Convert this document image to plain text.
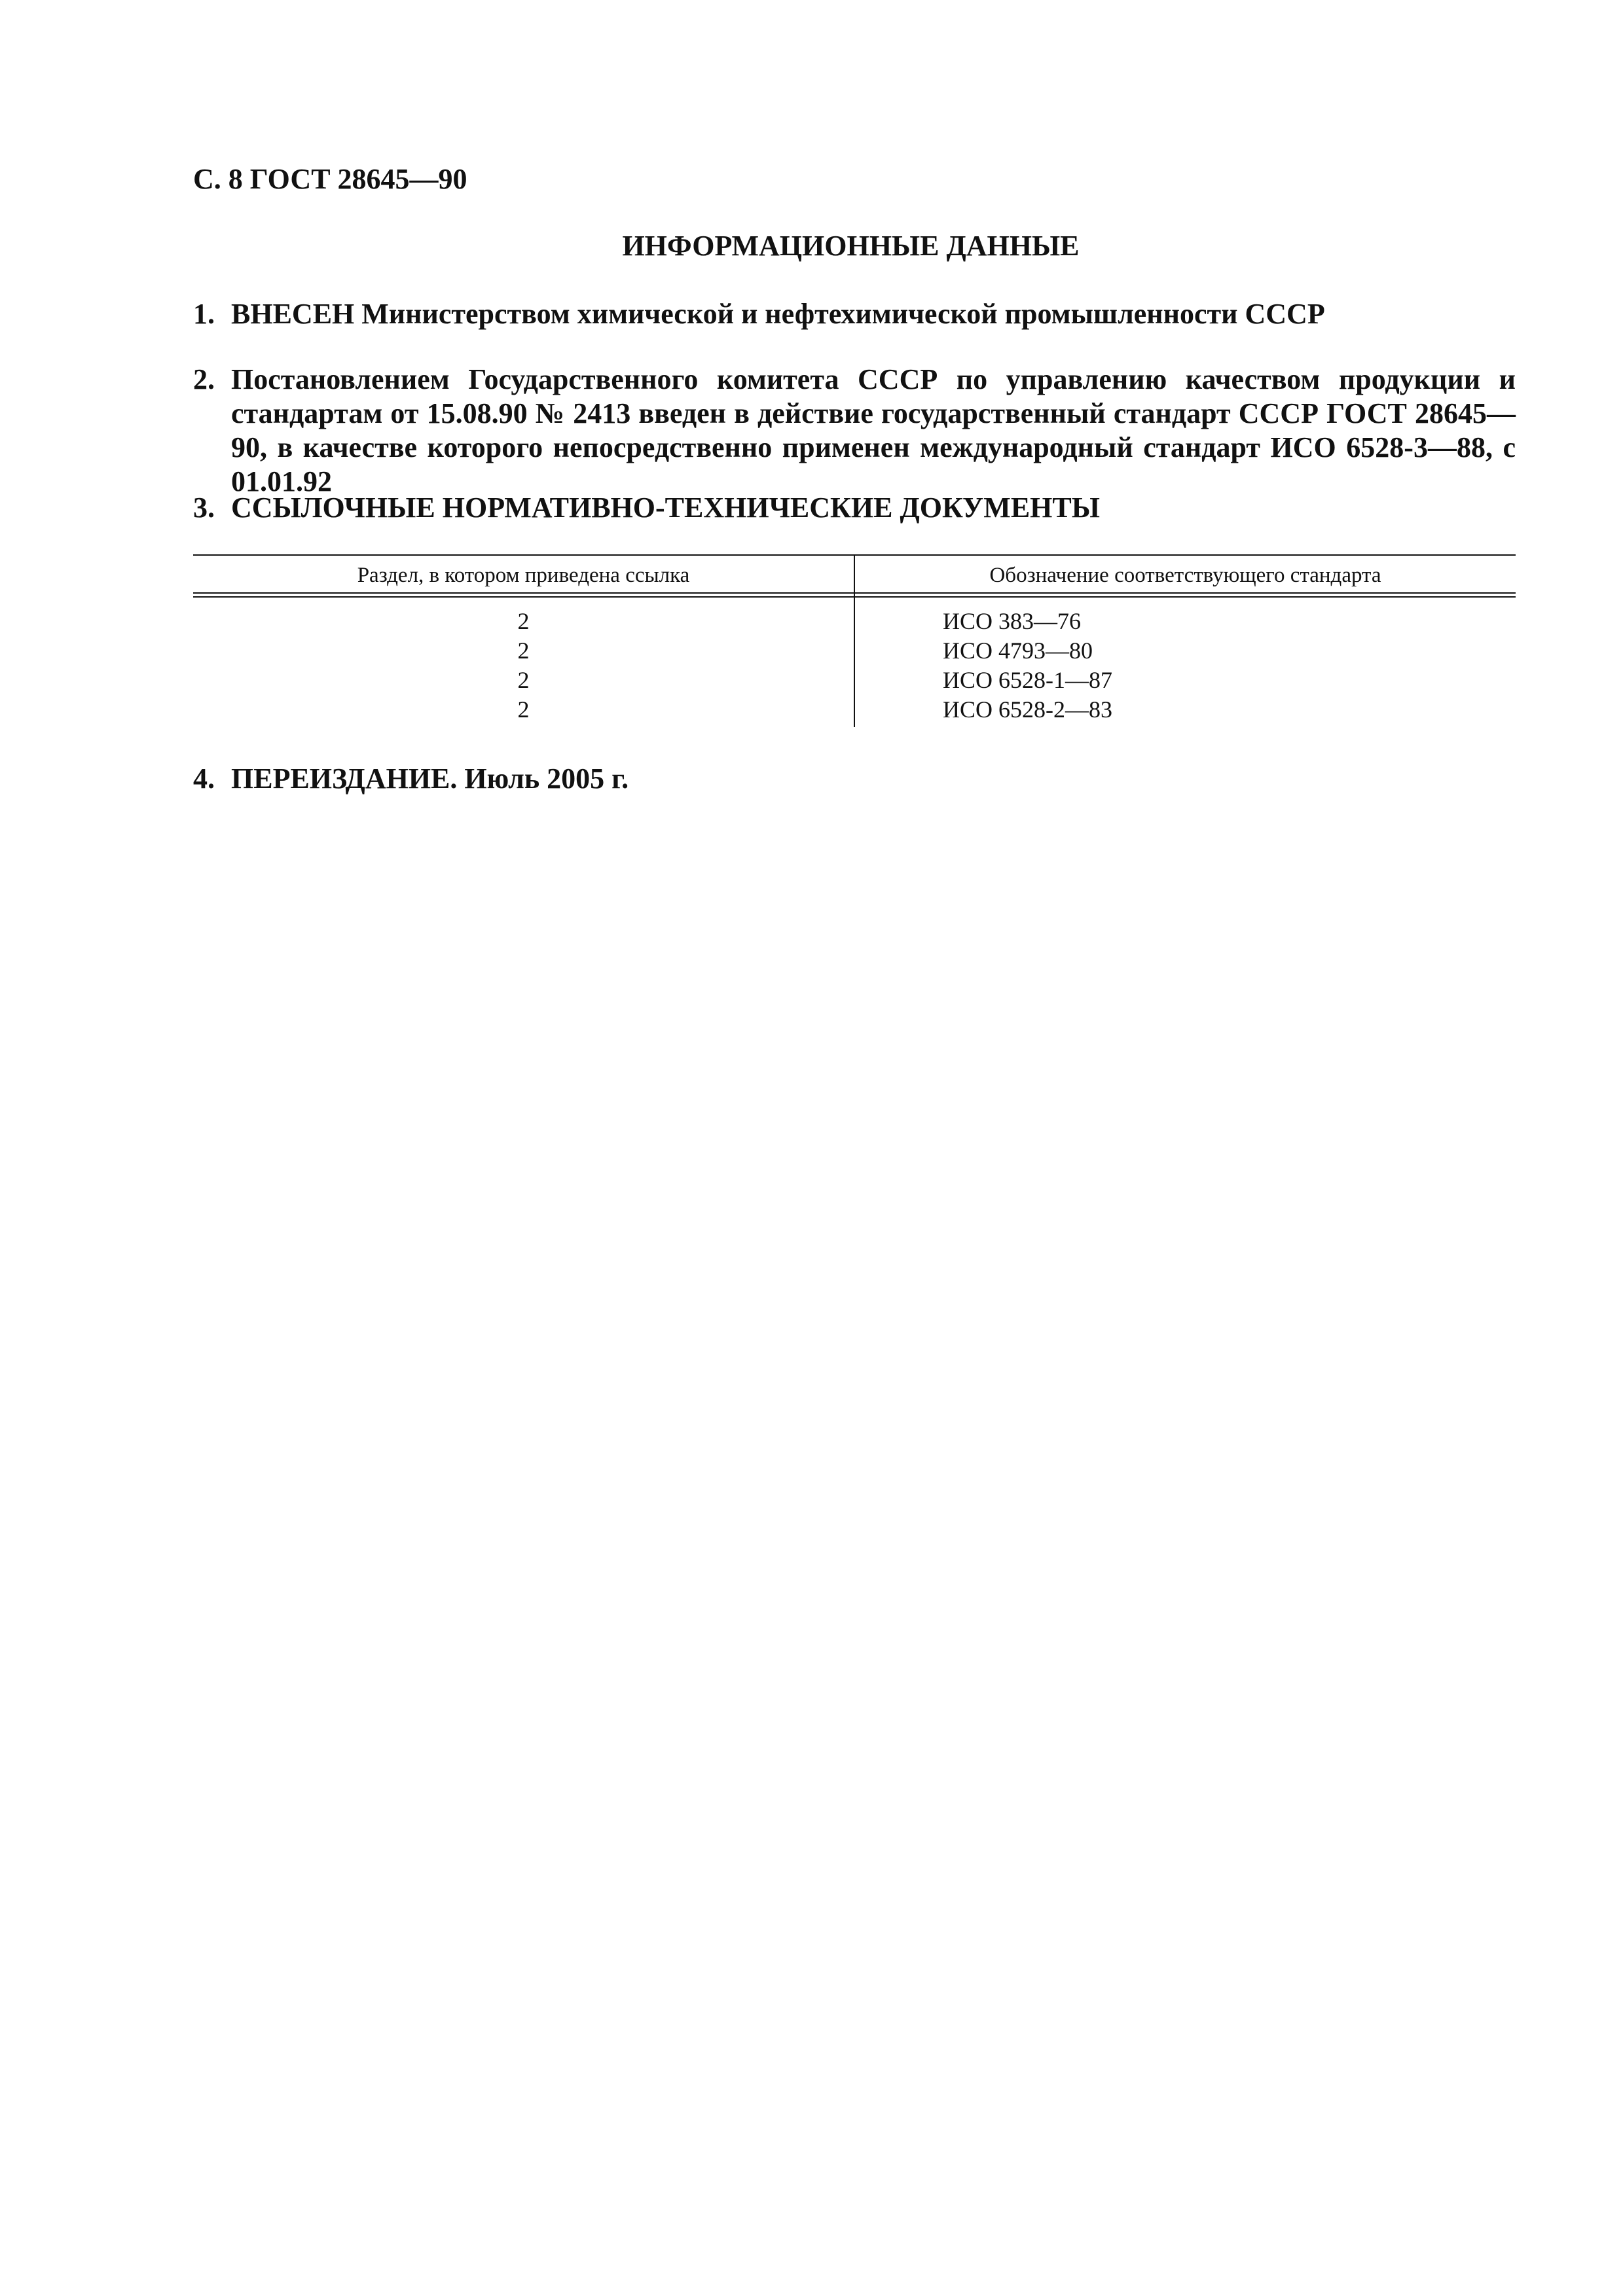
С. 8 ГОСТ 28645—90
ИНФОРМАЦИОННЫЕ ДАННЫЕ
1. ВНЕСЕН Министерством химической и нефтехимической промышленности СССР
2. Постановлением Государственного комитета СССР по управлению качеством продукции и стандартам от 15.08.90 № 2413 введен в действие государственный стандарт СССР ГОСТ 28645—90, в качестве которого непосредственно применен международный стандарт ИСО 6528-3—88, с 01.01.92
3. ССЫЛОЧНЫЕ НОРМАТИВНО-ТЕХНИЧЕСКИЕ ДОКУМЕНТЫ
Раздел, в котором приведена ссылка	Обозначение соответствующего стандарта
2	ИСО 383—76
2	ИСО 4793—80
2	ИСО 6528-1—87
2	ИСО 6528-2—83
4. ПЕРЕИЗДАНИЕ. Июль 2005 г.
